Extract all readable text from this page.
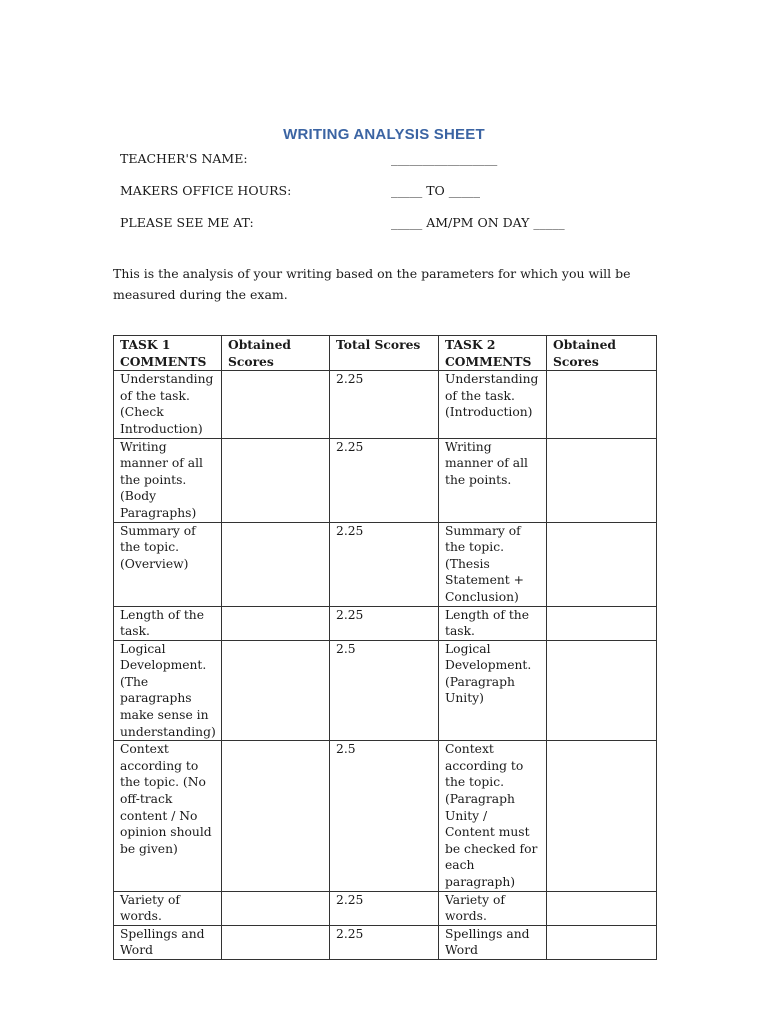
WRITING ANALYSIS SHEET
TEACHER'S NAME:	_________________
MAKERS OFFICE HOURS:	_____ TO _____
PLEASE SEE ME AT:	_____ AM/PM ON DAY _____
This is the analysis of your writing based on the parameters for which you will be measured during the exam.
TASK 1 COMMENTS	Obtained Scores	Total Scores	TASK 2 COMMENTS	Obtained Scores
Understanding of the task. (Check Introduction)		2.25	Understanding of the task. (Introduction)	
Writing manner of all the points. (Body Paragraphs)		2.25	Writing manner of all the points.	
Summary of the topic. (Overview)		2.25	Summary of the topic. (Thesis Statement + Conclusion)	
Length of the task.		2.25	Length of the task.	
Logical Development. (The paragraphs make sense in understanding)		2.5	Logical Development. (Paragraph Unity)	
Context according to the topic. (No off-track content / No opinion should be given)		2.5	Context according to the topic. (Paragraph Unity / Content must be checked for each paragraph)	
Variety of words.		2.25	Variety of words.	
Spellings and Word		2.25	Spellings and Word	
